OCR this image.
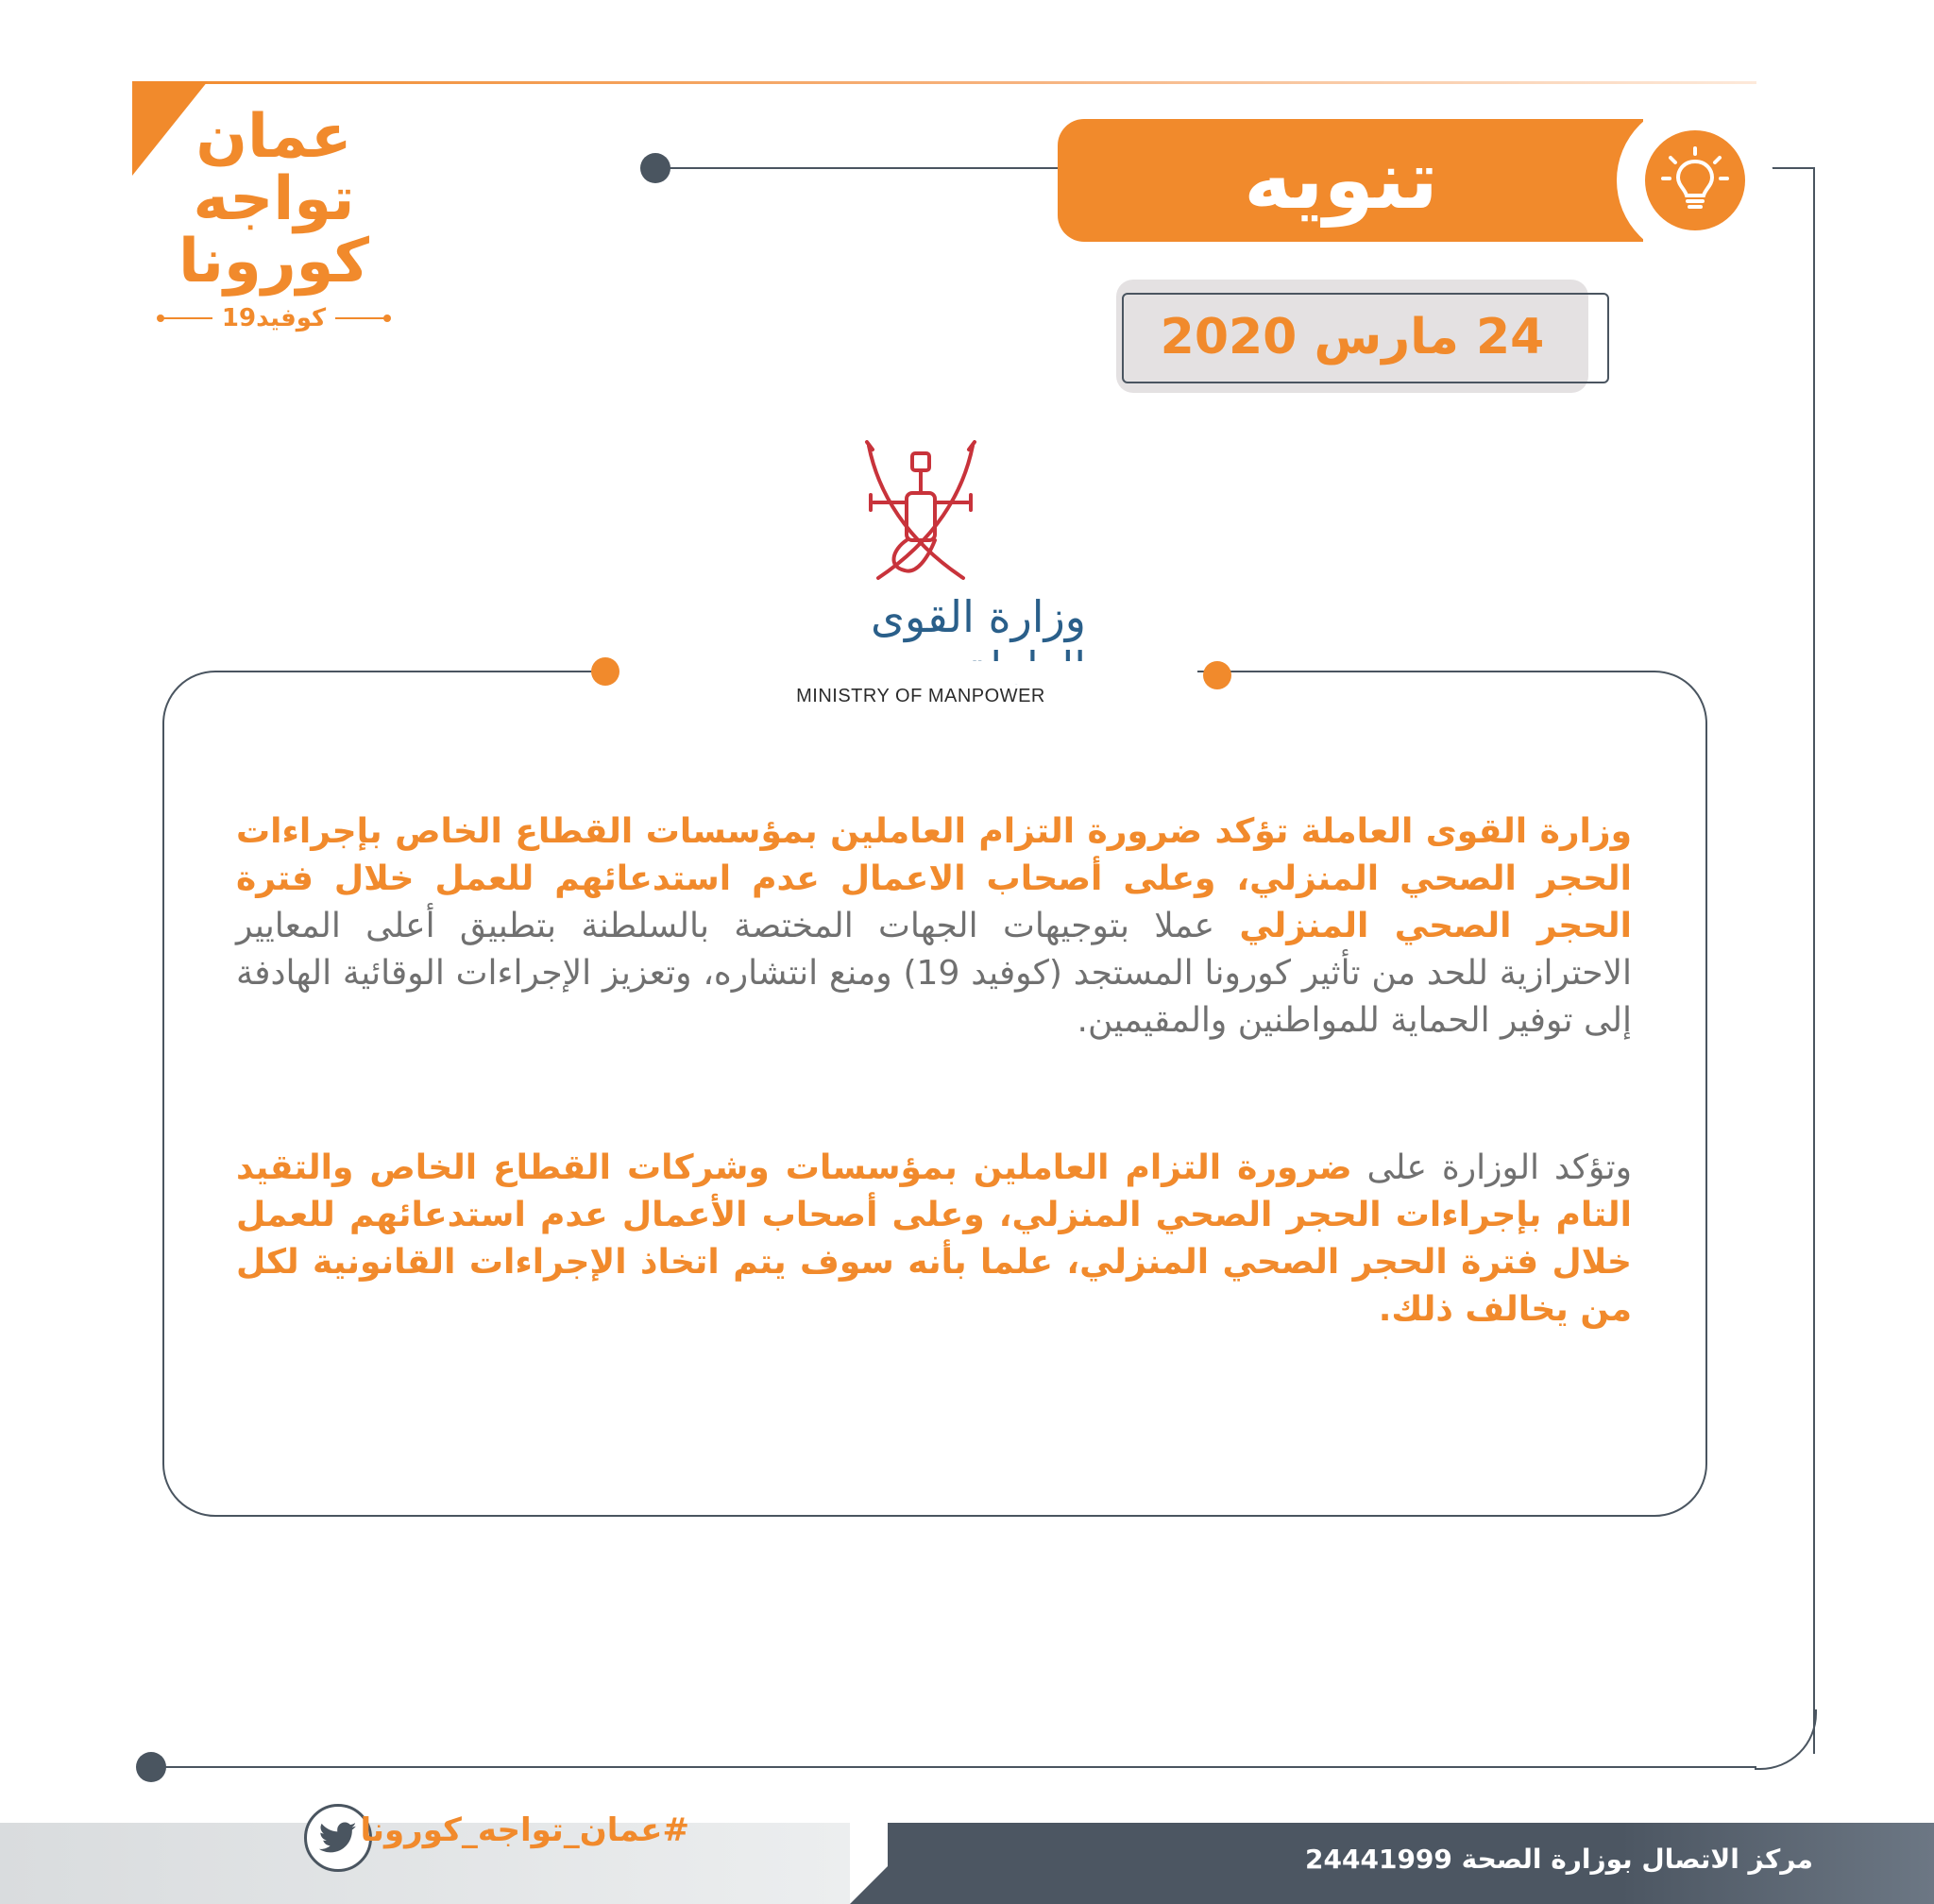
عمان
تواجه
كورونا
كوفيد19
تنويه
24 مارس 2020
وزارة القوى
MINISTRY OF MANPOWER
وزارة القوى العاملة تؤكد ضرورة التزام العاملين بمؤسسات القطاع الخاص بإجراءات الحجر الصحي المنزلي، وعلى أصحاب الاعمال عدم استدعائهم للعمل خلال فترة الحجر الصحي المنزلي عملا بتوجيهات الجهات المختصة بالسلطنة بتطبيق أعلى المعايير الاحترازية للحد من تأثير كورونا المستجد (كوفيد 19) ومنع انتشاره، وتعزيز الإجراءات الوقائية الهادفة إلى توفير الحماية للمواطنين والمقيمين.
وتؤكد الوزارة على ضرورة التزام العاملين بمؤسسات وشركات القطاع الخاص والتقيد التام بإجراءات الحجر الصحي المنزلي، وعلى أصحاب الأعمال عدم استدعائهم للعمل خلال فترة الحجر الصحي المنزلي، علما بأنه سوف يتم اتخاذ الإجراءات القانونية لكل من يخالف ذلك.
مركز الاتصال بوزارة الصحة 24441999
#عمان_تواجه_كورونا
